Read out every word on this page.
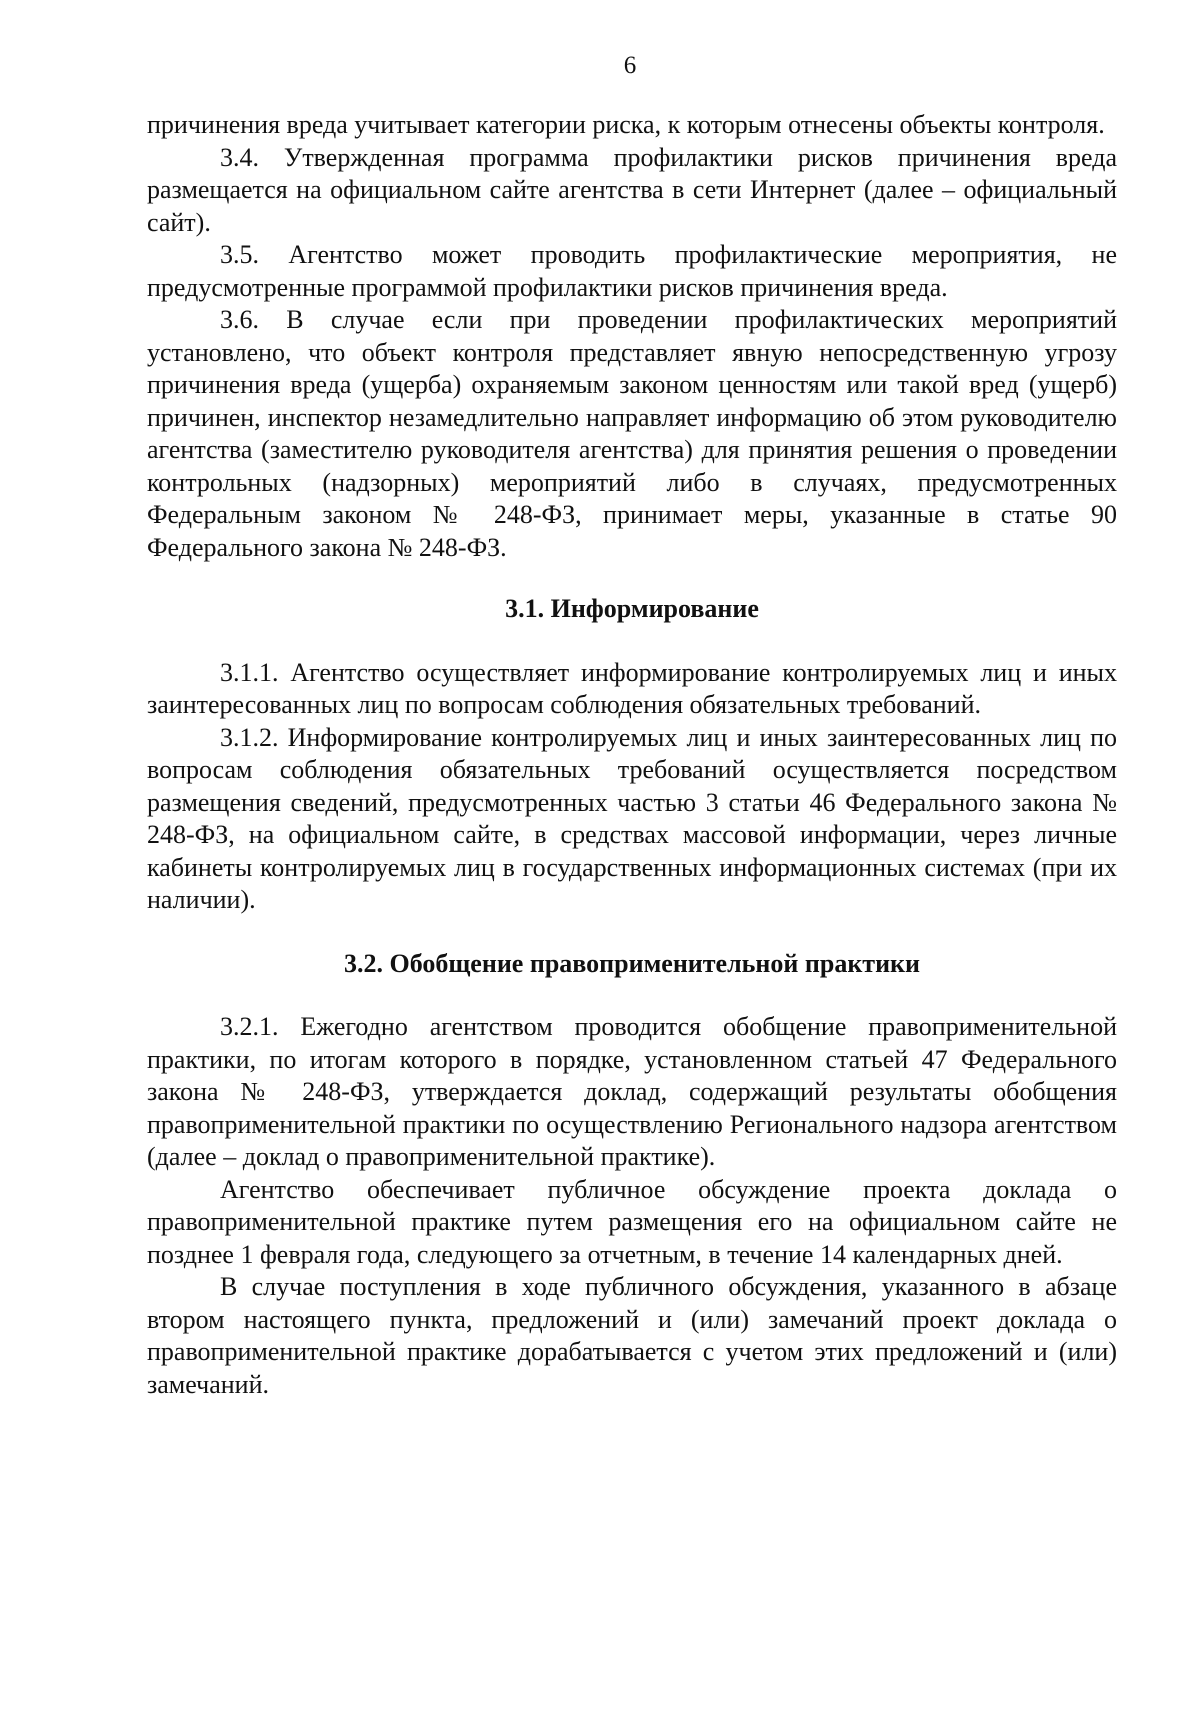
6

причинения вреда учитывает категории риска, к которым отнесены объекты контроля.

3.4. Утвержденная программа профилактики рисков причинения вреда размещается на официальном сайте агентства в сети Интернет (далее – официальный сайт).

3.5. Агентство может проводить профилактические мероприятия, не предусмотренные программой профилактики рисков причинения вреда.

3.6. В случае если при проведении профилактических мероприятий установлено, что объект контроля представляет явную непосредственную угрозу причинения вреда (ущерба) охраняемым законом ценностям или такой вред (ущерб) причинен, инспектор незамедлительно направляет информацию об этом руководителю агентства (заместителю руководителя агентства) для принятия решения о проведении контрольных (надзорных) мероприятий либо в случаях, предусмотренных Федеральным законом № 248-ФЗ, принимает меры, указанные в статье 90 Федерального закона № 248-ФЗ.

3.1. Информирование

3.1.1. Агентство осуществляет информирование контролируемых лиц и иных заинтересованных лиц по вопросам соблюдения обязательных требований.

3.1.2. Информирование контролируемых лиц и иных заинтересованных лиц по вопросам соблюдения обязательных требований осуществляется посредством размещения сведений, предусмотренных частью 3 статьи 46 Федерального закона № 248-ФЗ, на официальном сайте, в средствах массовой информации, через личные кабинеты контролируемых лиц в государственных информационных системах (при их наличии).

3.2. Обобщение правоприменительной практики

3.2.1. Ежегодно агентством проводится обобщение правоприменительной практики, по итогам которого в порядке, установленном статьей 47 Федерального закона № 248-ФЗ, утверждается доклад, содержащий результаты обобщения правоприменительной практики по осуществлению Регионального надзора агентством (далее – доклад о правоприменительной практике).

Агентство обеспечивает публичное обсуждение проекта доклада о правоприменительной практике путем размещения его на официальном сайте не позднее 1 февраля года, следующего за отчетным, в течение 14 календарных дней.

В случае поступления в ходе публичного обсуждения, указанного в абзаце втором настоящего пункта, предложений и (или) замечаний проект доклада о правоприменительной практике дорабатывается с учетом этих предложений и (или) замечаний.
